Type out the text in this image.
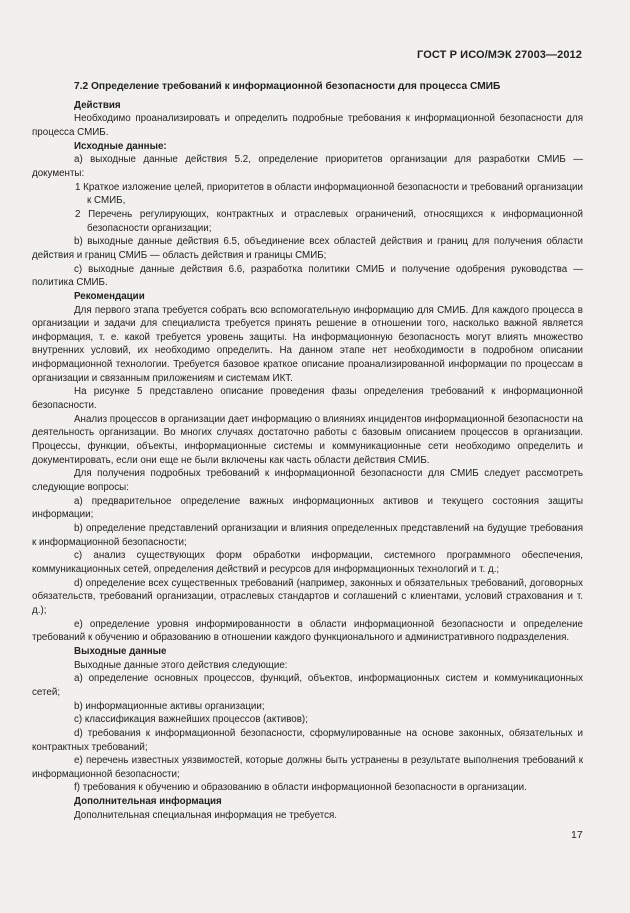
ГОСТ Р ИСО/МЭК 27003—2012

7.2 Определение требований к информационной безопасности для процесса СМИБ

Действия

Необходимо проанализировать и определить подробные требования к информационной безопасности для процесса СМИБ.

Исходные данные:

а) выходные данные действия 5.2, определение приоритетов организации для разработки СМИБ — документы:

1 Краткое изложение целей, приоритетов в области информационной безопасности и требований организации к СМИБ,

2 Перечень регулирующих, контрактных и отраслевых ограничений, относящихся к информационной безопасности организации;

b) выходные данные действия 6.5, объединение всех областей действия и границ для получения области действия и границ СМИБ — область действия и границы СМИБ;

с) выходные данные действия 6.6, разработка политики СМИБ и получение одобрения руководства — политика СМИБ.

Рекомендации

Для первого этапа требуется собрать всю вспомогательную информацию для СМИБ. Для каждого процесса в организации и задачи для специалиста требуется принять решение в отношении того, насколько важной является информация, т. е. какой требуется уровень защиты. На информационную безопасность могут влиять множество внутренних условий, их необходимо определить. На данном этапе нет необходимости в подробном описании информационной технологии. Требуется базовое краткое описание проанализированной информации по процессам в организации и связанным приложениям и системам ИКТ.

На рисунке 5 представлено описание проведения фазы определения требований к информационной безопасности.

Анализ процессов в организации дает информацию о влияниях инцидентов информационной безопасности на деятельность организации. Во многих случаях достаточно работы с базовым описанием процессов в организации. Процессы, функции, объекты, информационные системы и коммуникационные сети необходимо определить и документировать, если они еще не были включены как часть области действия СМИБ.

Для получения подробных требований к информационной безопасности для СМИБ следует рассмотреть следующие вопросы:

а) предварительное определение важных информационных активов и текущего состояния защиты информации;

b) определение представлений организации и влияния определенных представлений на будущие требования к информационной безопасности;

с) анализ существующих форм обработки информации, системного программного обеспечения, коммуникационных сетей, определения действий и ресурсов для информационных технологий и т. д.;

d) определение всех существенных требований (например, законных и обязательных требований, договорных обязательств, требований организации, отраслевых стандартов и соглашений с клиентами, условий страхования и т. д.);

е) определение уровня информированности в области информационной безопасности и определение требований к обучению и образованию в отношении каждого функционального и административного подразделения.

Выходные данные

Выходные данные этого действия следующие:

а) определение основных процессов, функций, объектов, информационных систем и коммуникационных сетей;

b) информационные активы организации;

с) классификация важнейших процессов (активов);

d) требования к информационной безопасности, сформулированные на основе законных, обязательных и контрактных требований;

е) перечень известных уязвимостей, которые должны быть устранены в результате выполнения требований к информационной безопасности;

f) требования к обучению и образованию в области информационной безопасности в организации.

Дополнительная информация

Дополнительная специальная информация не требуется.

17
